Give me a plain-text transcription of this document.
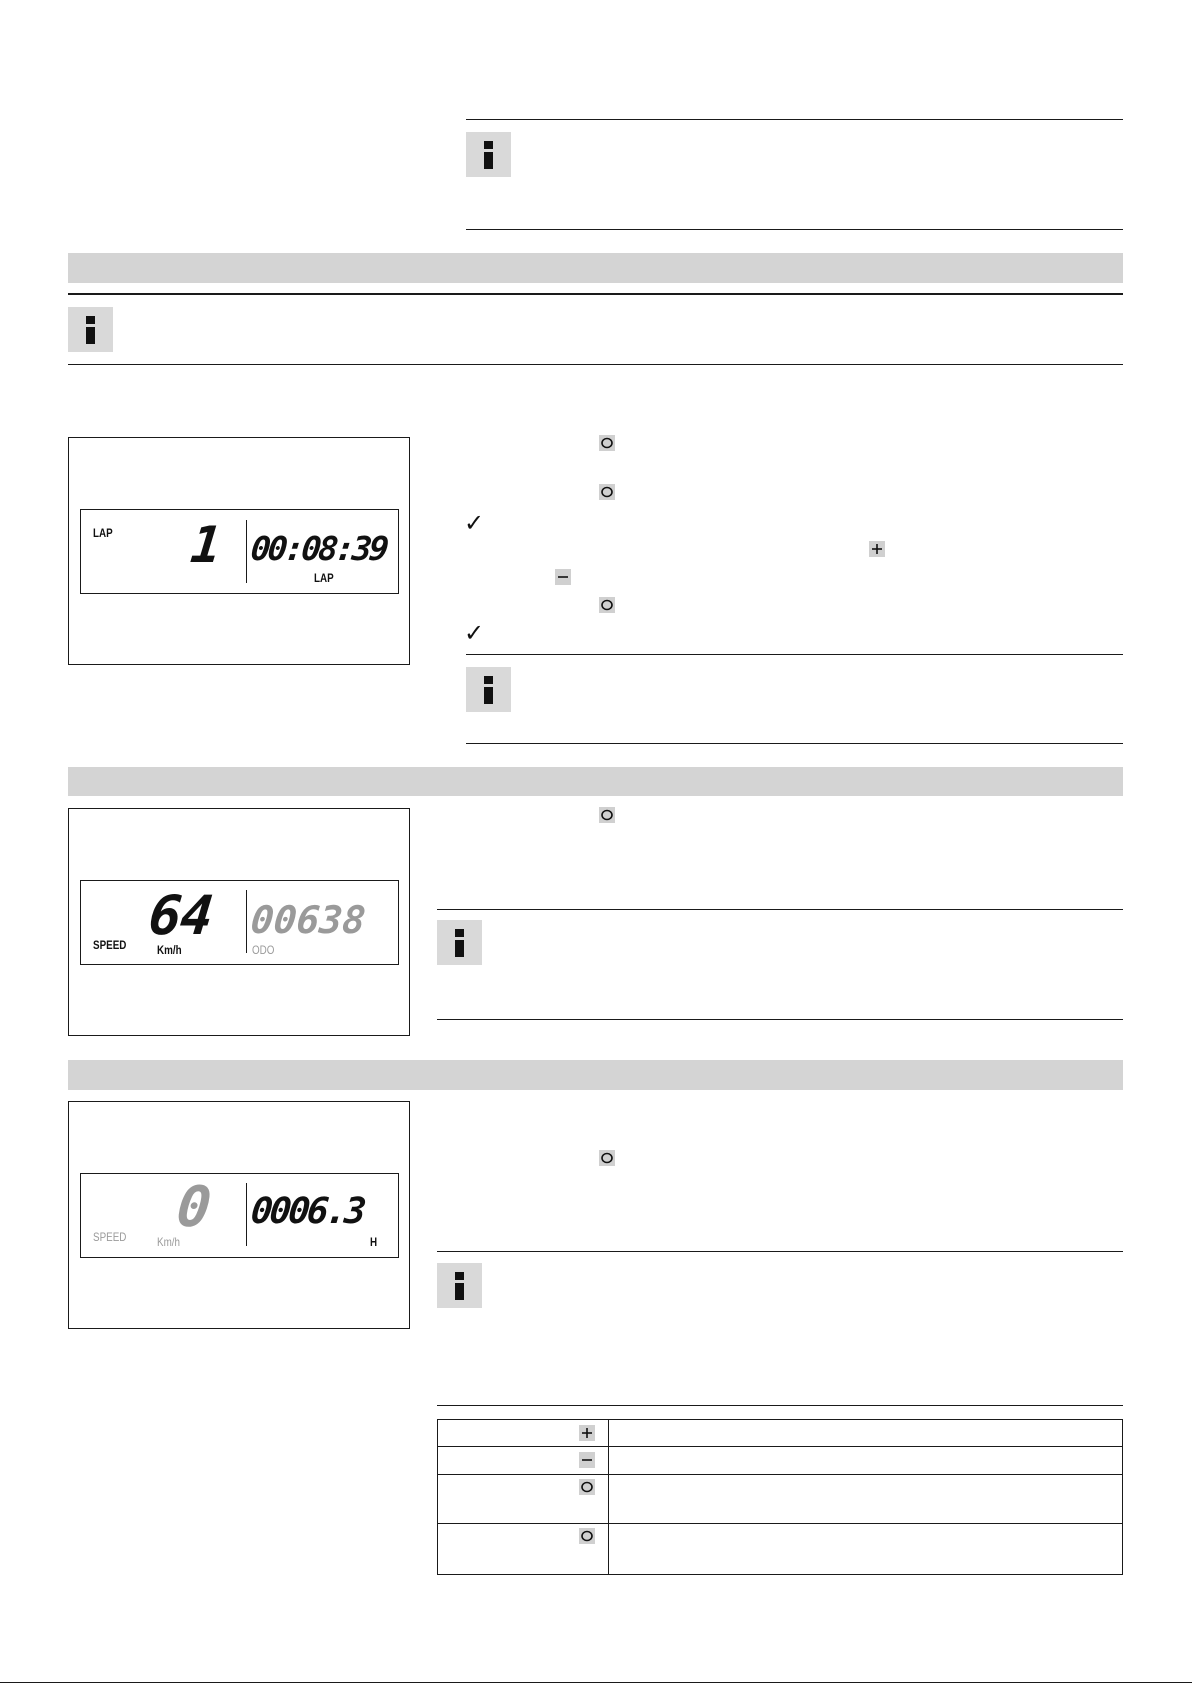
LAP 1 00:08:39
LAP
✓
✓
SPEED 64
Km/h
00638
ODO
SPEED 0
Km/h
0006.3
H
